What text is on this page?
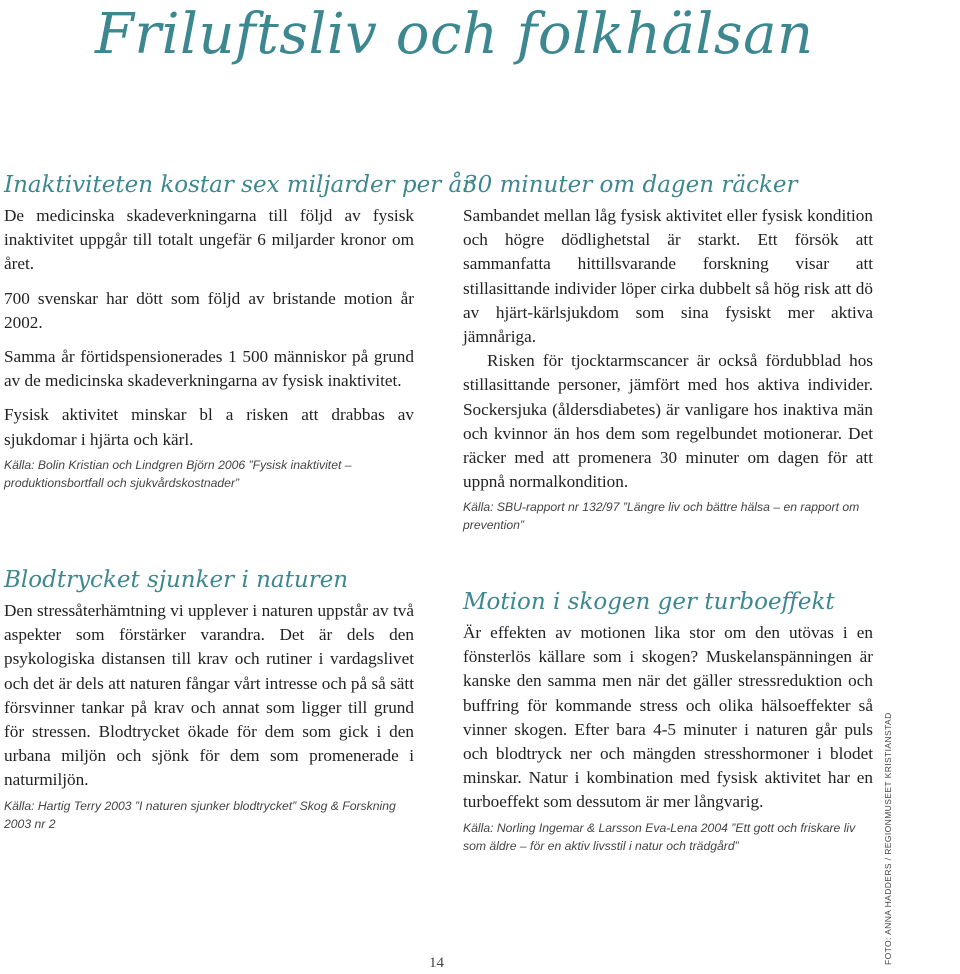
Friluftsliv och folkhälsan
Inaktiviteten kostar sex miljarder per år

De medicinska skadeverkningarna till följd av fysisk inaktivitet uppgår till totalt ungefär 6 miljarder kronor om året.

700 svenskar har dött som följd av bristande motion år 2002.

Samma år förtidspensionerades 1 500 människor på grund av de medicinska skadeverkningarna av fysisk inaktivitet.

Fysisk aktivitet minskar bl a risken att drabbas av sjukdomar i hjärta och kärl.

Källa: Bolin Kristian och Lindgren Björn 2006 ”Fysisk inaktivitet – produktionsbortfall och sjukvårdskostnader”

30 minuter om dagen räcker

Sambandet mellan låg fysisk aktivitet eller fysisk kondition och högre dödlighetstal är starkt. Ett försök att sammanfatta hittillsvarande forskning visar att stillasittande individer löper cirka dubbelt så hög risk att dö av hjärt-kärlsjukdom som sina fysiskt mer aktiva jämnåriga.

Risken för tjocktarmscancer är också fördubblad hos stillasittande personer, jämfört med hos aktiva individer. Sockersjuka (åldersdiabetes) är vanligare hos inaktiva män och kvinnor än hos dem som regelbundet motionerar. Det räcker med att promenera 30 minuter om dagen för att uppnå normalkondition.

Källa: SBU-rapport nr 132/97 ”Längre liv och bättre hälsa – en rapport om prevention”

Blodtrycket sjunker i naturen

Den stressåterhämtning vi upplever i naturen uppstår av två aspekter som förstärker varandra. Det är dels den psykologiska distansen till krav och rutiner i vardagslivet och det är dels att naturen fångar vårt intresse och på så sätt försvinner tankar på krav och annat som ligger till grund för stressen. Blodtrycket ökade för dem som gick i den urbana miljön och sjönk för dem som promenerade i naturmiljön.

Källa: Hartig Terry 2003 ”I naturen sjunker blodtrycket” Skog & Forskning 2003 nr 2

Motion i skogen ger turboeffekt

Är effekten av motionen lika stor om den utövas i en fönsterlös källare som i skogen? Muskelanspänningen är kanske den samma men när det gäller stressreduktion och buffring för kommande stress och olika hälsoeffekter så vinner skogen. Efter bara 4-5 minuter i naturen går puls och blodtryck ner och mängden stresshormoner i blodet minskar. Natur i kombination med fysisk aktivitet har en turboeffekt som dessutom är mer långvarig.

Källa: Norling Ingemar & Larsson Eva-Lena 2004 ”Ett gott och friskare liv som äldre – för en aktiv livsstil i natur och trädgård”

14	FOTO: ANNA HADDERS / REGIONMUSEET KRISTIANSTAD
